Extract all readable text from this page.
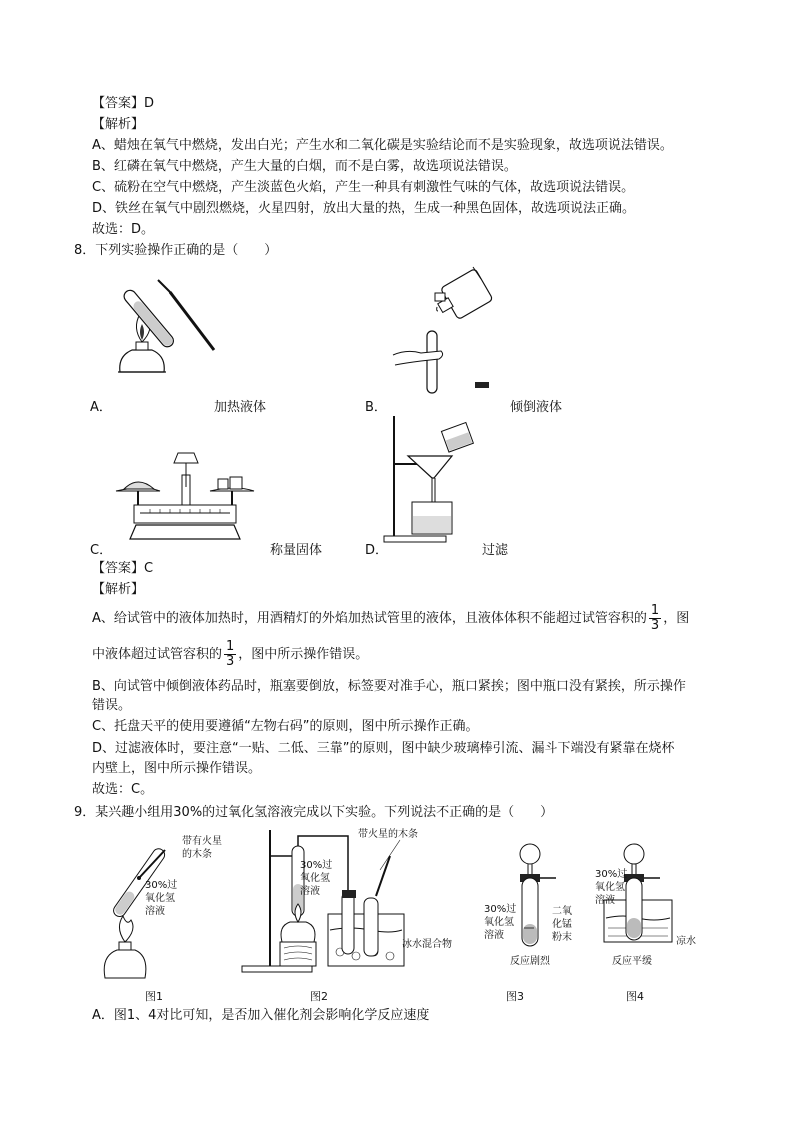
【答案】D
【解析】
A、蜡烛在氧气中燃烧，发出白光；产生水和二氧化碳是实验结论而不是实验现象，故选项说法错误。
B、红磷在氧气中燃烧，产生大量的白烟，而不是白雾，故选项说法错误。
C、硫粉在空气中燃烧，产生淡蓝色火焰，产生一种具有刺激性气味的气体，故选项说法错误。
D、铁丝在氧气中剧烈燃烧，火星四射，放出大量的热，生成一种黑色固体，故选项说法正确。
故选：D。
8．下列实验操作正确的是（　　）
A．	加热液体	B．	倾倒液体
C．	称量固体	D．	过滤
【答案】C
【解析】
A、给试管中的液体加热时，用酒精灯的外焰加热试管里的液体，且液体体积不能超过试管容积的 $\frac{1}{3}$ ，图
中液体超过试管容积的 $\frac{1}{3}$ ，图中所示操作错误。
B、向试管中倾倒液体药品时，瓶塞要倒放，标签要对准手心，瓶口紧挨；图中瓶口没有紧挨，所示操作
错误。
C、托盘天平的使用要遵循“左物右码”的原则，图中所示操作正确。
D、过滤液体时，要注意“一贴、二低、三靠”的原则，图中缺少玻璃棒引流、漏斗下端没有紧靠在烧杯
内壁上，图中所示操作错误。
故选：C。
9．某兴趣小组用30%的过氧化氢溶液完成以下实验。下列说法不正确的是（　　）
带有火星
的木条
30%过
氧化氢
溶液
图1
带火星的木条
30%过
氧化氢
溶液
冰水混合物
图2
30%过
氧化氢
溶液
二氧
化锰
粉末
反应剧烈
图3
30%过
氧化氢
溶液
凉水
反应平缓
图4
A．图1、4对比可知，是否加入催化剂会影响化学反应速度
